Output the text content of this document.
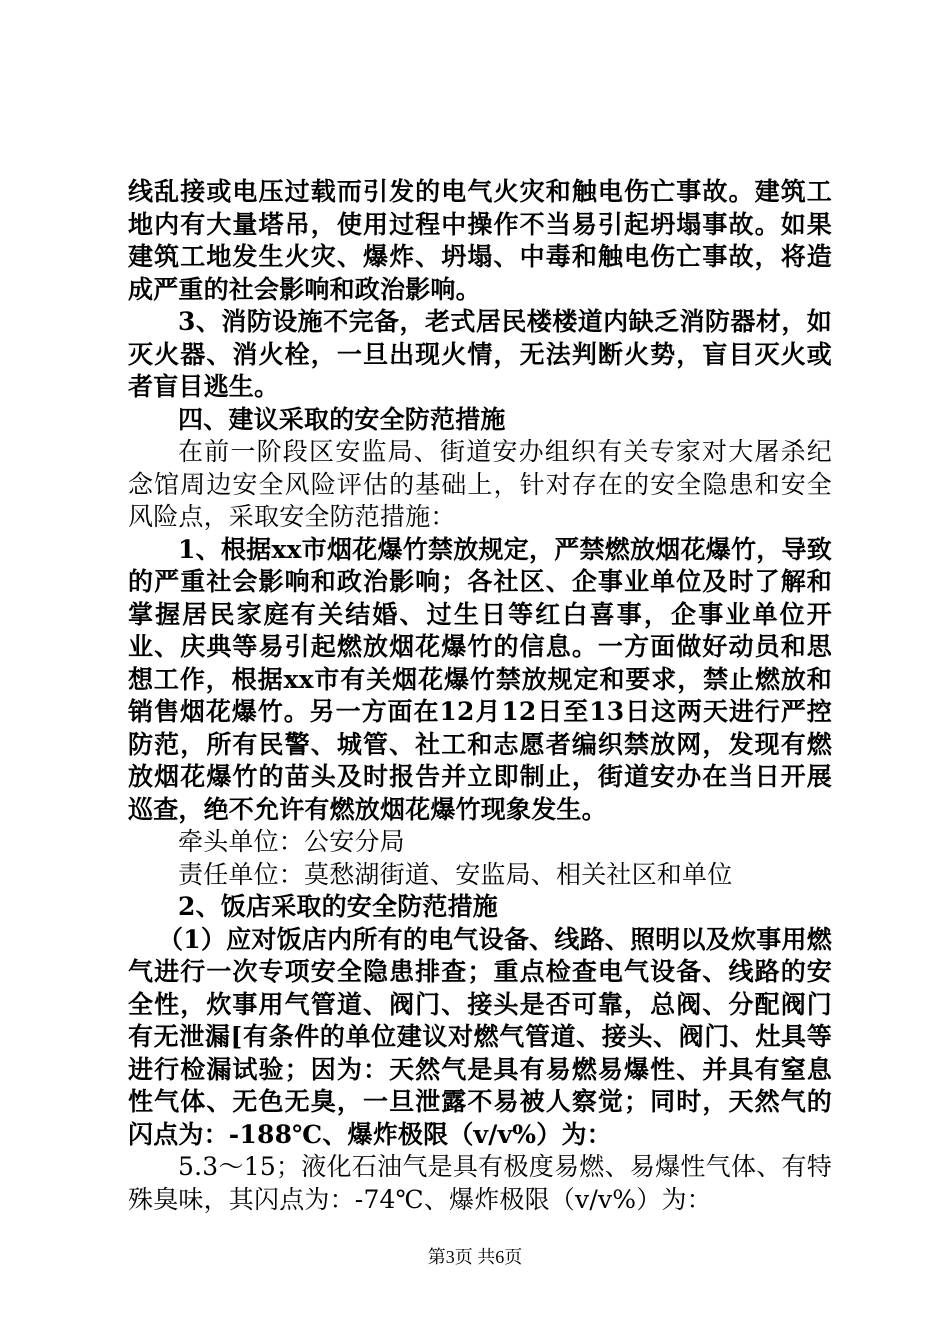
线乱接或电压过载而引发的电气火灾和触电伤亡事故。建筑工地内有大量塔吊，使用过程中操作不当易引起坍塌事故。如果建筑工地发生火灾、爆炸、坍塌、中毒和触电伤亡事故，将造成严重的社会影响和政治影响。

3、消防设施不完备，老式居民楼楼道内缺乏消防器材，如灭火器、消火栓，一旦出现火情，无法判断火势，盲目灭火或者盲目逃生。

四、建议采取的安全防范措施

在前一阶段区安监局、街道安办组织有关专家对大屠杀纪念馆周边安全风险评估的基础上，针对存在的安全隐患和安全风险点，采取安全防范措施：

1、根据xx市烟花爆竹禁放规定，严禁燃放烟花爆竹，导致的严重社会影响和政治影响；各社区、企事业单位及时了解和掌握居民家庭有关结婚、过生日等红白喜事，企事业单位开业、庆典等易引起燃放烟花爆竹的信息。一方面做好动员和思想工作，根据xx市有关烟花爆竹禁放规定和要求，禁止燃放和销售烟花爆竹。另一方面在12月12日至13日这两天进行严控防范，所有民警、城管、社工和志愿者编织禁放网，发现有燃放烟花爆竹的苗头及时报告并立即制止，街道安办在当日开展巡查，绝不允许有燃放烟花爆竹现象发生。

牵头单位：公安分局

责任单位：莫愁湖街道、安监局、相关社区和单位

2、饭店采取的安全防范措施

（1）应对饭店内所有的电气设备、线路、照明以及炊事用燃气进行一次专项安全隐患排查；重点检查电气设备、线路的安全性，炊事用气管道、阀门、接头是否可靠，总阀、分配阀门有无泄漏[有条件的单位建议对燃气管道、接头、阀门、灶具等进行检漏试验；因为：天然气是具有易燃易爆性、并具有窒息性气体、无色无臭，一旦泄露不易被人察觉；同时，天然气的闪点为：-188℃、爆炸极限（v/v%）为：

5.3～15；液化石油气是具有极度易燃、易爆性气体、有特殊臭味，其闪点为：-74℃、爆炸极限（v/v%）为：

第3页 共6页
